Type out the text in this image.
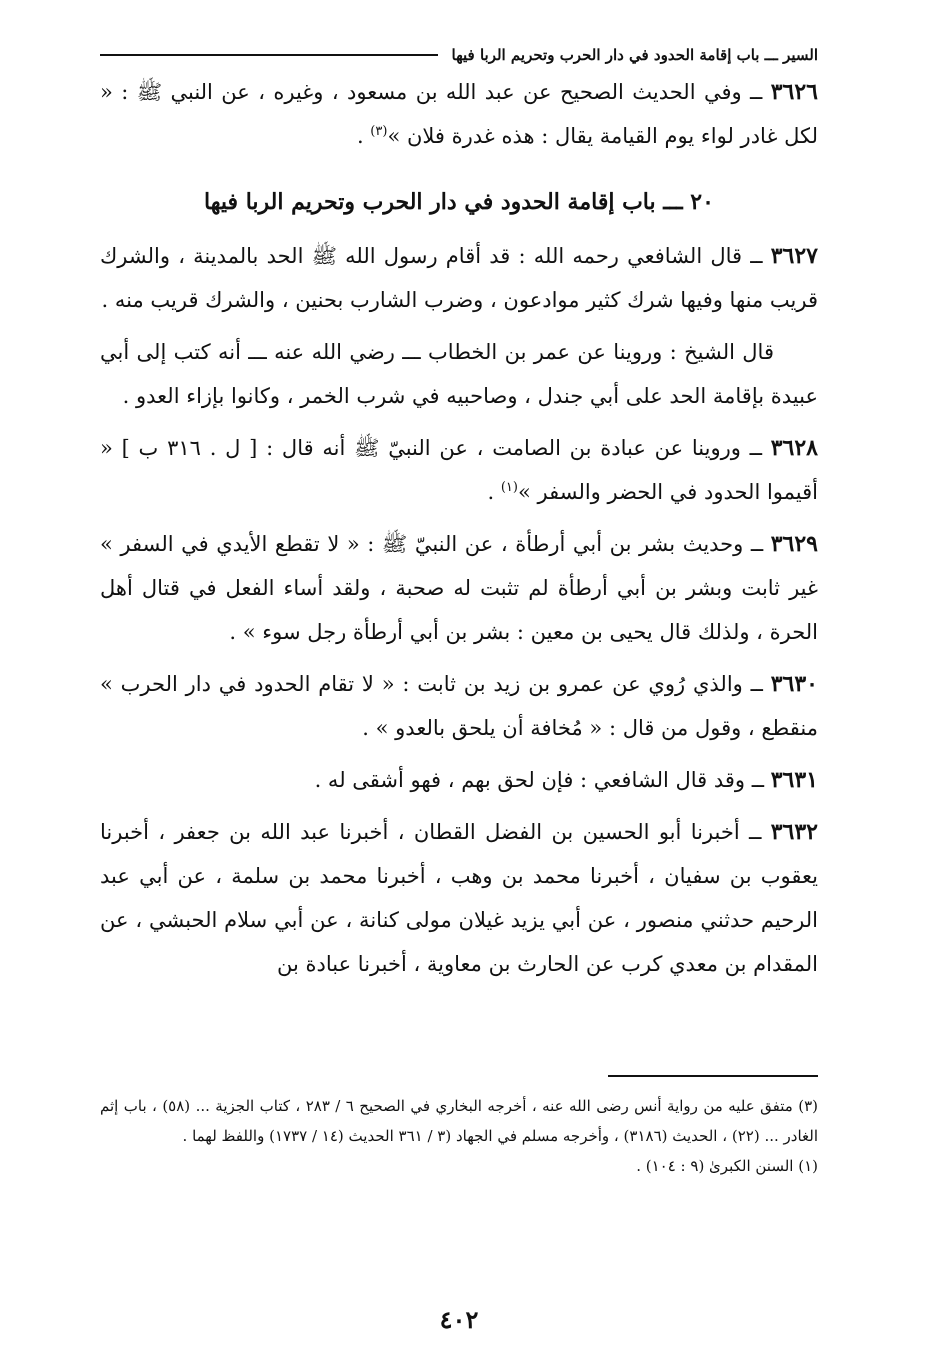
السير ـــ باب إقامة الحدود في دار الحرب وتحريم الربا فيها

٣٦٢٦ ــ وفي الحديث الصحيح عن عبد الله بن مسعود ، وغيره ، عن النبي ﷺ : « لكل غادر لواء يوم القيامة يقال : هذه غدرة فلان »$^{(٣)}$ .

٢٠ ـــ باب إقامة الحدود في دار الحرب وتحريم الربا فيها

٣٦٢٧ ــ قال الشافعي رحمه الله : قد أقام رسول الله ﷺ الحد بالمدينة ، والشرك قريب منها وفيها شرك كثير موادعون ، وضرب الشارب بحنين ، والشرك قريب منه .

قال الشيخ : وروينا عن عمر بن الخطاب ـــ رضي الله عنه ـــ أنه كتب إلى أبي عبيدة بإقامة الحد على أبي جندل ، وصاحبيه في شرب الخمر ، وكانوا بإزاء العدو .

٣٦٢٨ ــ وروينا عن عبادة بن الصامت ، عن النبيّ ﷺ أنه قال : [ ل . ٣١٦ ب ] « أقيموا الحدود في الحضر والسفر »$^{(١)}$ .

٣٦٢٩ ــ وحديث بشر بن أبي أرطأة ، عن النبيّ ﷺ : « لا تقطع الأيدي في السفر » غير ثابت وبشر بن أبي أرطأة لم تثبت له صحبة ، ولقد أساء الفعل في قتال أهل الحرة ، ولذلك قال يحيى بن معين : بشر بن أبي أرطأة رجل سوء » .

٣٦٣٠ ــ والذي رُوي عن عمرو بن زيد بن ثابت : « لا تقام الحدود في دار الحرب » منقطع ، وقول من قال : « مُخافة أن يلحق بالعدو » .

٣٦٣١ ــ وقد قال الشافعي : فإن لحق بهم ، فهو أشقى له .

٣٦٣٢ ــ أخبرنا أبو الحسين بن الفضل القطان ، أخبرنا عبد الله بن جعفر ، أخبرنا يعقوب بن سفيان ، أخبرنا محمد بن وهب ، أخبرنا محمد بن سلمة ، عن أبي عبد الرحيم حدثني منصور ، عن أبي يزيد غيلان مولى كنانة ، عن أبي سلام الحبشي ، عن المقدام بن معدي كرب عن الحارث بن معاوية ، أخبرنا عبادة بن

(٣) متفق عليه من رواية أنس رضى الله عنه ، أخرجه البخاري في الصحيح ٦ / ٢٨٣ ، كتاب الجزية ... (٥٨) ، باب إثم الغادر ... (٢٢) ، الحديث (٣١٨٦) ، وأخرجه مسلم في الجهاد (٣ / ٣٦١ الحديث (١٤ / ١٧٣٧) واللفظ لهما .

(١) السنن الكبرىٰ (٩ : ١٠٤) .

٤٠٢
